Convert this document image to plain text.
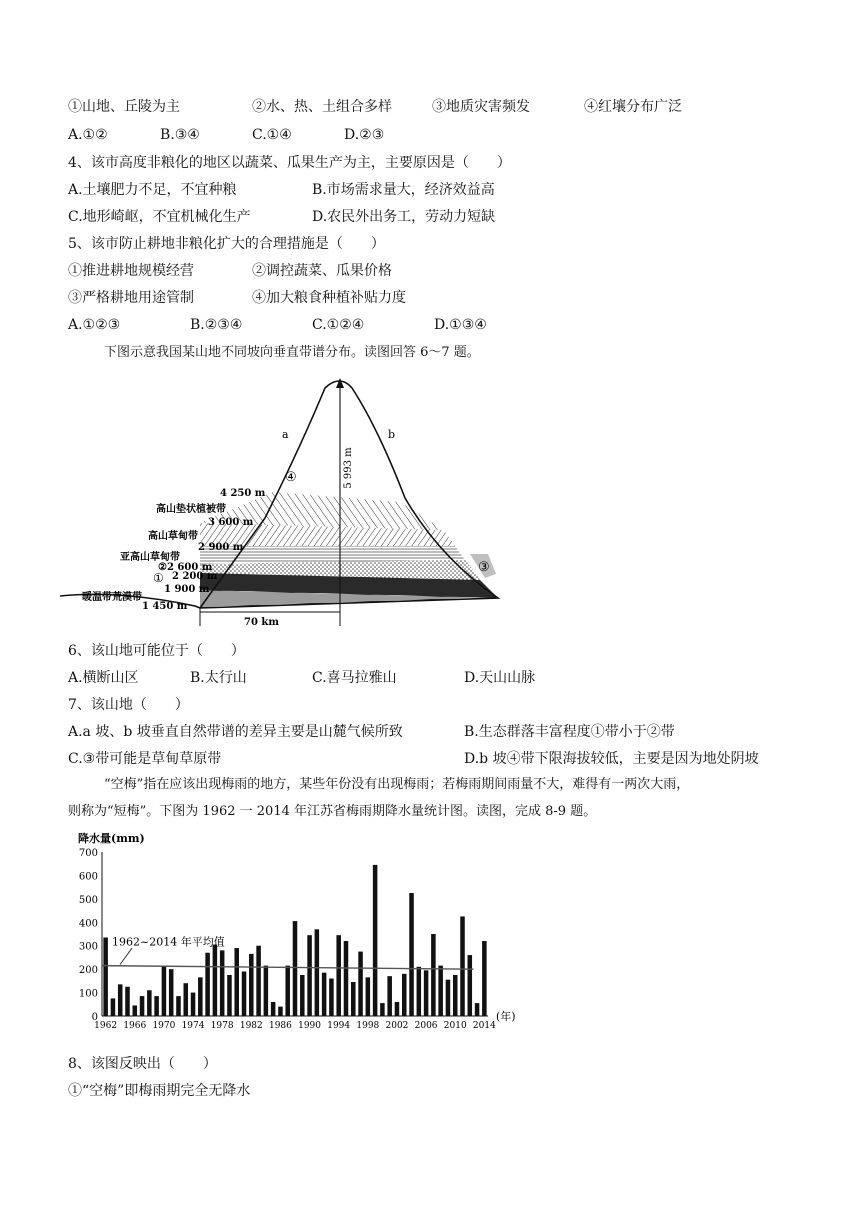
①山地、丘陵为主	②水、热、土组合多样	③地质灾害频发	④红壤分布广泛
A.①②	B.③④	C.①④	D.②③
4、该市高度非粮化的地区以蔬菜、瓜果生产为主，主要原因是（　　）
A.土壤肥力不足，不宜种粮	B.市场需求量大，经济效益高
C.地形崎岖，不宜机械化生产	D.农民外出务工，劳动力短缺
5、该市防止耕地非粮化扩大的合理措施是（　　）
①推进耕地规模经营	②调控蔬菜、瓜果价格
③严格耕地用途管制	④加大粮食种植补贴力度
A.①②③	B.②③④	C.①②④	D.①③④
下图示意我国某山地不同坡向垂直带谱分布。读图回答 6～7 题。
5 993 m
a	b
④
③
4 250 m
高山垫状植被带
3 600 m
高山草甸带
2 900 m
亚高山草甸带
②2 600 m
2 200 m
①
1 900 m
暖温带荒漠带
1 450 m
70 km
6、该山地可能位于（　　）
A.横断山区	B.太行山	C.喜马拉雅山	D.天山山脉
7、该山地（　　）
A.a 坡、b 坡垂直自然带谱的差异主要是山麓气候所致	B.生态群落丰富程度①带小于②带
C.③带可能是草甸草原带	D.b 坡④带下限海拔较低，主要是因为地处阴坡
“空梅”指在应该出现梅雨的地方，某些年份没有出现梅雨；若梅雨期间雨量不大，难得有一两次大雨，
则称为“短梅”。下图为 1962 一 2014 年江苏省梅雨期降水量统计图。读图，完成 8-9 题。
降水量(mm)
0
100
200
300
400
500
600
700
1962 1966 1970 1974 1978 1982 1986 1990 1994 1998 2002 2006 2010 2014
1962~2014 年平均值
(年)
8、该图反映出（　　）
①“空梅”即梅雨期完全无降水
